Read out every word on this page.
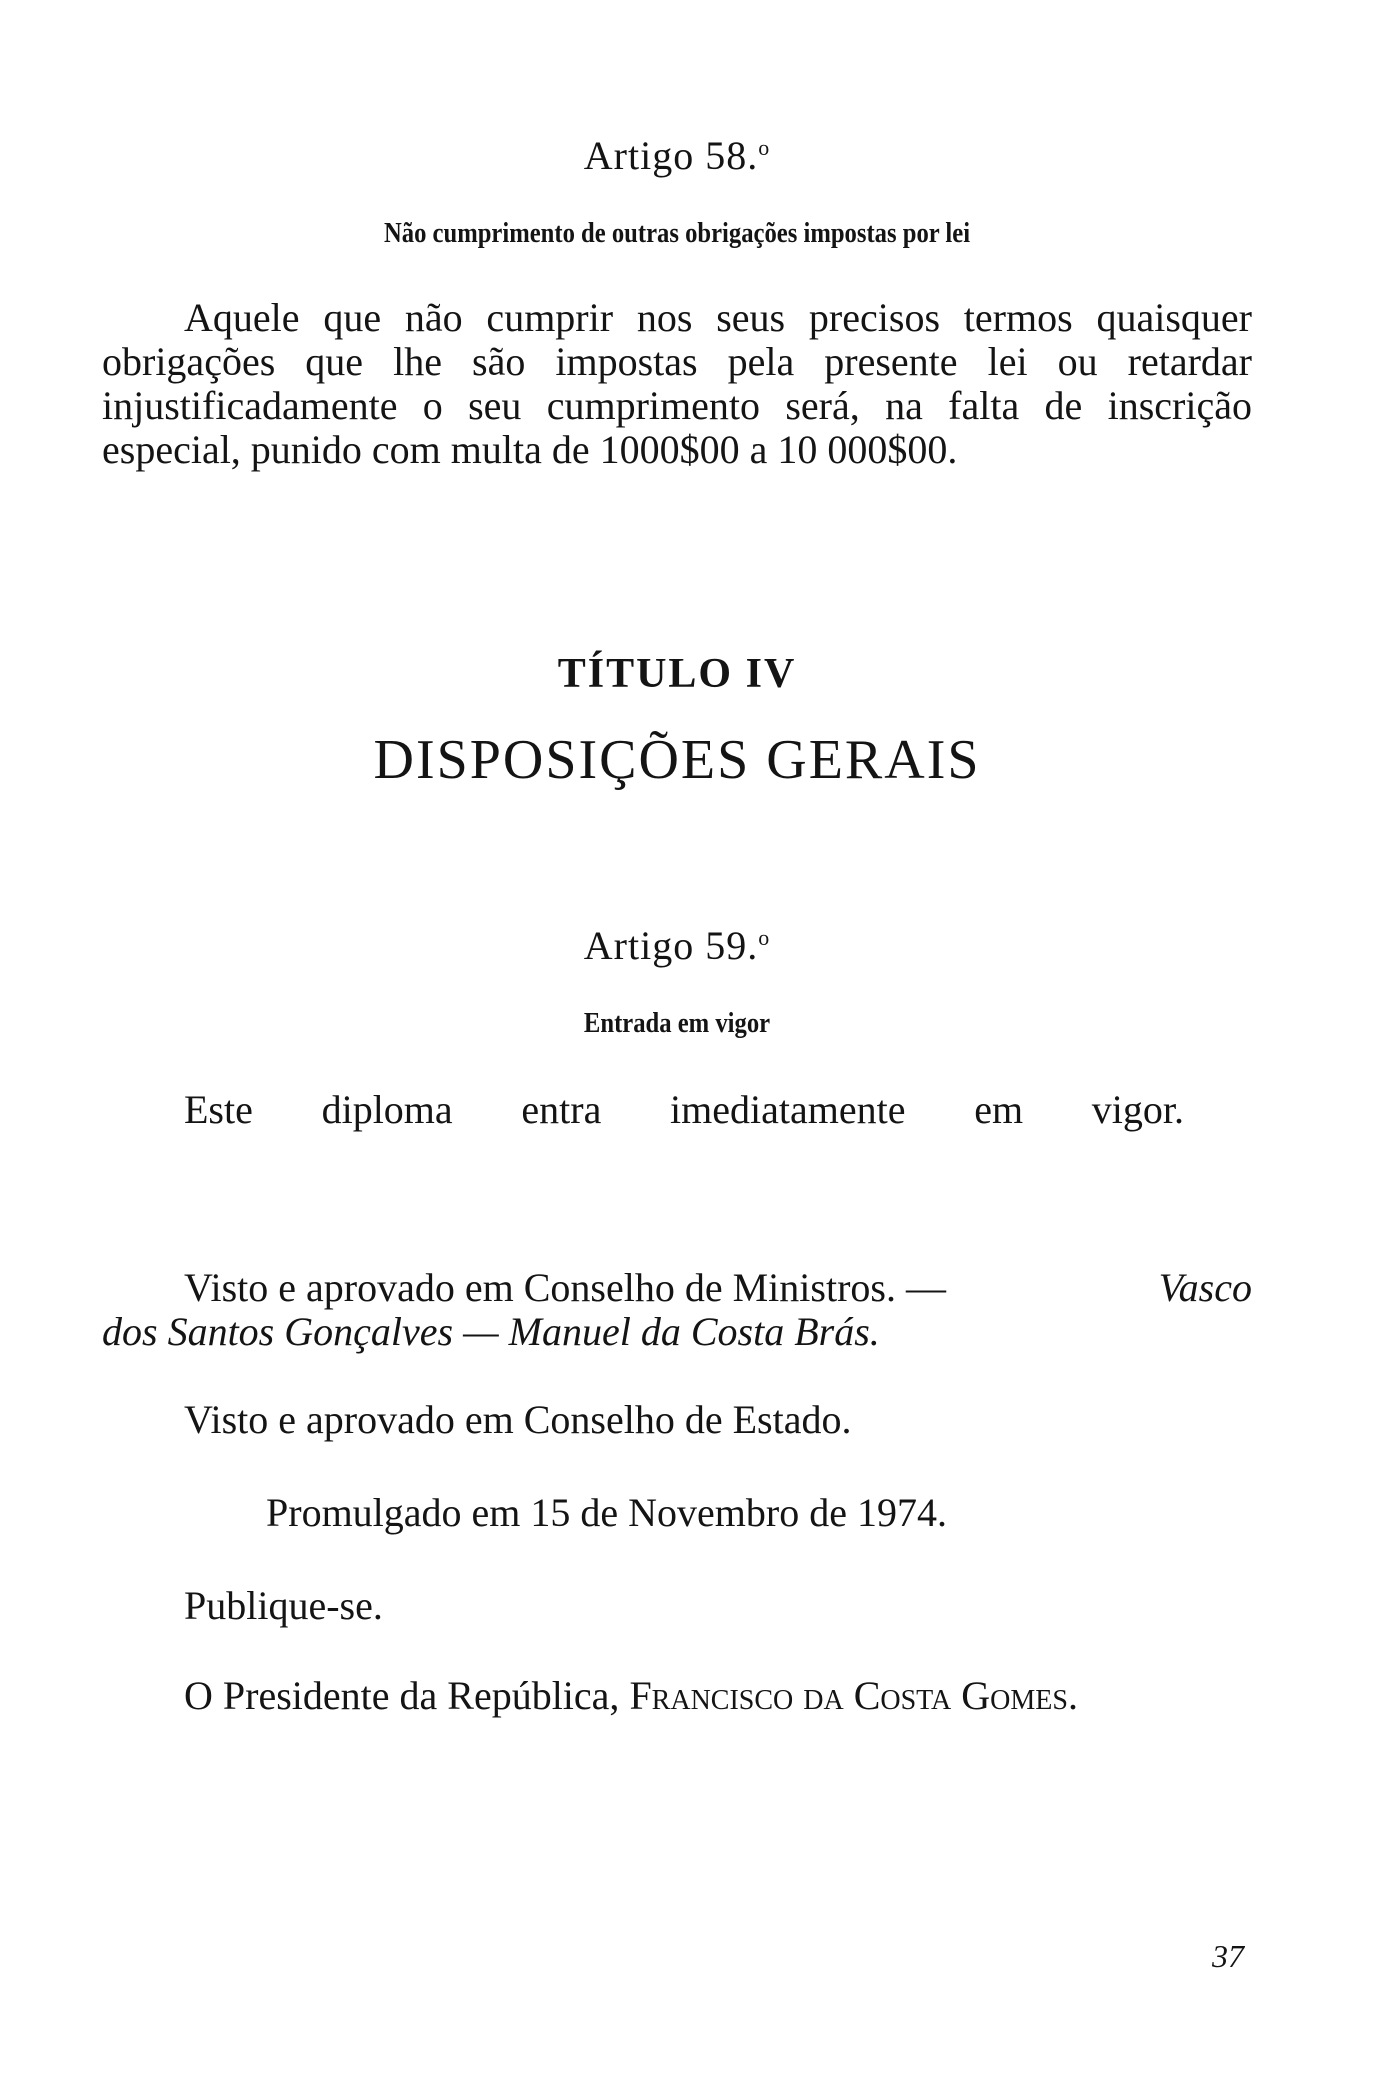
Artigo 58.$^o$
Não cumprimento de outras obrigações impostas por lei

Aquele que não cumprir nos seus precisos termos quaisquer obrigações que lhe são impostas pela presente lei ou retardar injustificadamente o seu cumprimento será, na falta de inscrição especial, punido com multa de 1000$00 a 10 000$00.

TÍTULO IV
DISPOSIÇÕES GERAIS
Artigo 59.$^o$
Entrada em vigor

Este diploma entra imediatamente em vigor.

Visto e aprovado em Conselho de Ministros. —	Vasco

dos Santos Gonçalves — Manuel da Costa Brás.

Visto e aprovado em Conselho de Estado.

Promulgado em 15 de Novembro de 1974.

Publique-se.

O Presidente da República, Francisco da Costa Gomes.

37
